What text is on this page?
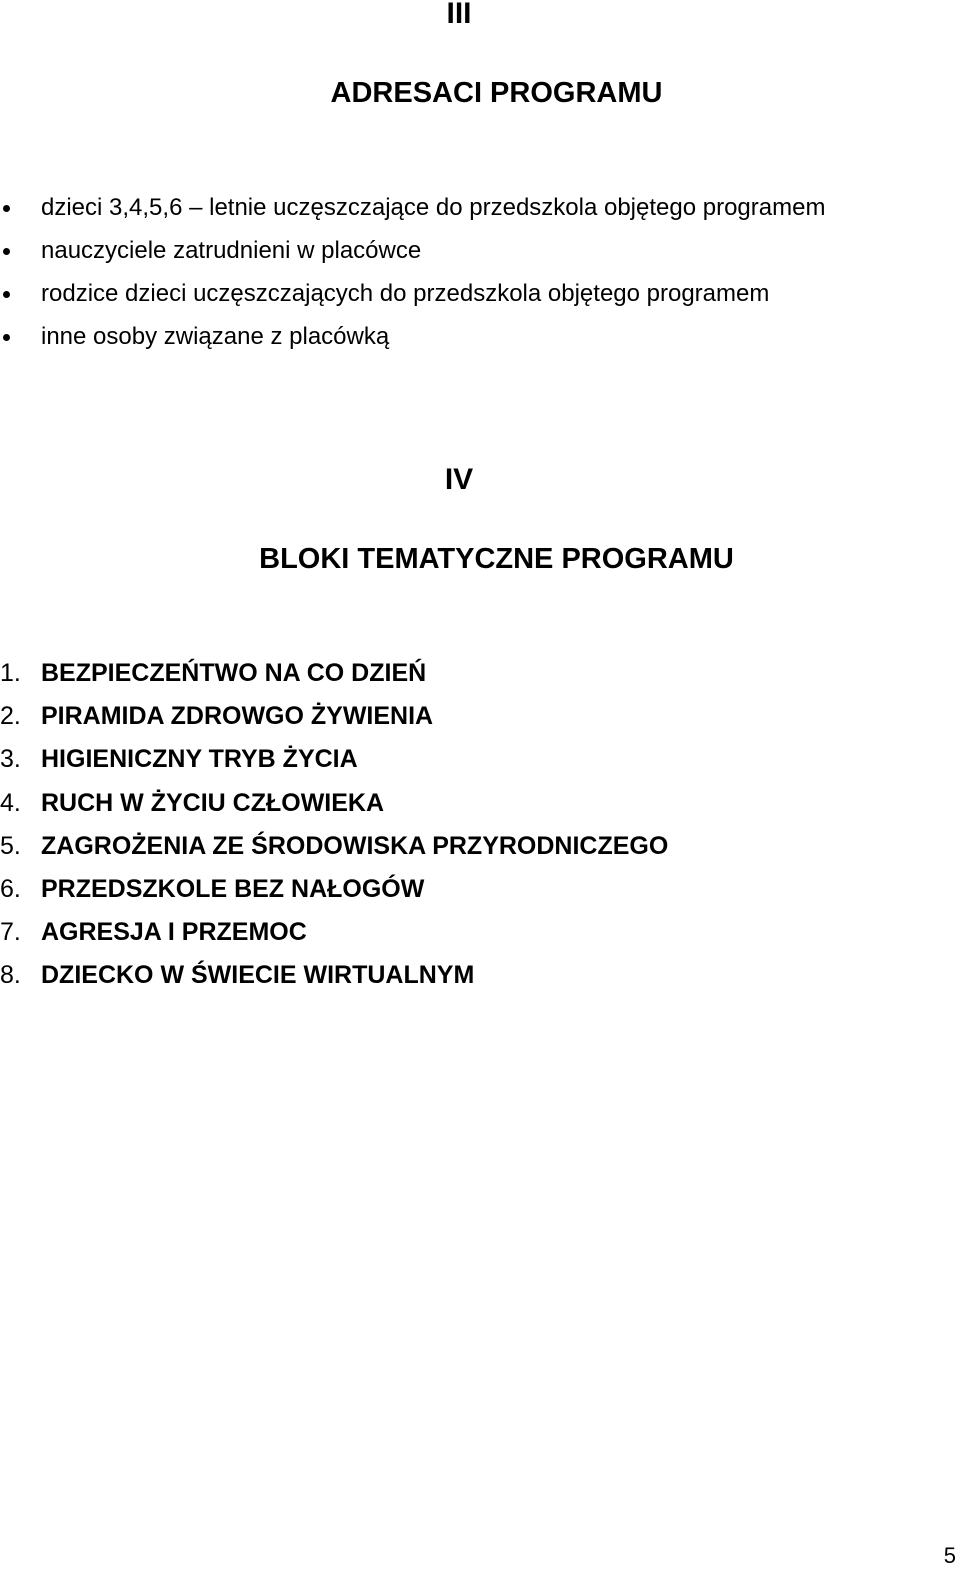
III
ADRESACI PROGRAMU
dzieci 3,4,5,6 – letnie uczęszczające do przedszkola objętego programem
nauczyciele zatrudnieni w placówce
rodzice dzieci uczęszczających do przedszkola objętego programem
inne osoby związane z placówką
IV
BLOKI TEMATYCZNE PROGRAMU
1. BEZPIECZEŃTWO NA CO DZIEŃ
2. PIRAMIDA ZDROWGO ŻYWIENIA
3. HIGIENICZNY TRYB ŻYCIA
4. RUCH W ŻYCIU CZŁOWIEKA
5. ZAGROŻENIA ZE ŚRODOWISKA PRZYRODNICZEGO
6. PRZEDSZKOLE BEZ NAŁOGÓW
7. AGRESJA I PRZEMOC
8. DZIECKO W ŚWIECIE WIRTUALNYM
5
